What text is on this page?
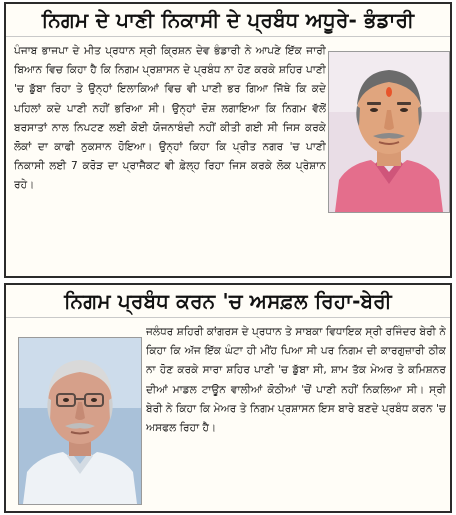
ਨਿਗਮ ਦੇ ਪਾਣੀ ਨਿਕਾਸੀ ਦੇ ਪ੍ਰਬੰਧ ਅਧੂਰੇ- ਭੰਡਾਰੀ
ਪੰਜਾਬ ਭਾਜਪਾ ਦੇ ਮੀਤ ਪ੍ਰਧਾਨ ਸ੍ਰੀ ਕ੍ਰਿਸ਼ਨ ਦੇਵ ਭੰਡਾਰੀ ਨੇ ਆਪਣੇ ਇੱਕ ਜਾਰੀ ਬਿਆਨ ਵਿਚ ਕਿਹਾ ਹੈ ਕਿ ਨਿਗਮ ਪ੍ਰਸ਼ਾਸਨ ਦੇ ਪ੍ਰਬੰਧ ਨਾ ਹੋਣ ਕਰਕੇ ਸ਼ਹਿਰ ਪਾਣੀ 'ਚ ਡੁੱਬਾ ਰਿਹਾ ਤੇ ਉਨ੍ਹਾਂ ਇਲਾਕਿਆਂ ਵਿਚ ਵੀ ਪਾਣੀ ਭਰ ਗਿਆ ਜਿੱਥੇ ਕਿ ਕਦੇ ਪਹਿਲਾਂ ਕਦੇ ਪਾਣੀ ਨਹੀਂ ਭਰਿਆ ਸੀ। ਉਨ੍ਹਾਂ ਦੋਸ਼ ਲਗਾਇਆ ਕਿ ਨਿਗਮ ਵੱਲੋਂ ਬਰਸਾਤਾਂ ਨਾਲ ਨਿਪਟਣ ਲਈ ਕੋਈ ਯੋਜਨਾਬੰਦੀ ਨਹੀਂ ਕੀਤੀ ਗਈ ਸੀ ਜਿਸ ਕਰਕੇ ਲੋਕਾਂ ਦਾ ਕਾਫੀ ਨੁਕਸਾਨ ਹੋਇਆ। ਉਨ੍ਹਾਂ ਕਿਹਾ ਕਿ ਪ੍ਰੀਤ ਨਗਰ 'ਚ ਪਾਣੀ ਨਿਕਾਸੀ ਲਈ 7 ਕਰੋੜ ਦਾ ਪ੍ਰਾਜੈਕਟ ਵੀ ਫ਼ੇਲ੍ਹ ਰਿਹਾ ਜਿਸ ਕਰਕੇ ਲੋਕ ਪ੍ਰੇਸ਼ਾਨ ਰਹੇ।
ਨਿਗਮ ਪ੍ਰਬੰਧ ਕਰਨ 'ਚ ਅਸਫ਼ਲ ਰਿਹਾ-ਬੇਰੀ
ਜਲੰਧਰ ਸ਼ਹਿਰੀ ਕਾਂਗਰਸ ਦੇ ਪ੍ਰਧਾਨ ਤੇ ਸਾਬਕਾ ਵਿਧਾਇਕ ਸ੍ਰੀ ਰਜਿੰਦਰ ਬੇਰੀ ਨੇ ਕਿਹਾ ਕਿ ਅੱਜ ਇੱਕ ਘੰਟਾ ਹੀ ਮੀਂਹ ਪਿਆ ਸੀ ਪਰ ਨਿਗਮ ਦੀ ਕਾਰਗੁਜ਼ਾਰੀ ਠੀਕ ਨਾ ਹੋਣ ਕਰਕੇ ਸਾਰਾ ਸ਼ਹਿਰ ਪਾਣੀ 'ਚ ਡੁੱਬਾ ਸੀ, ਸ਼ਾਮ ਤੱਕ ਮੇਅਰ ਤੇ ਕਮਿਸ਼ਨਰ ਦੀਆਂ ਮਾਡਲ ਟਾਊਨ ਵਾਲੀਆਂ ਕੋਠੀਆਂ 'ਚੋਂ ਪਾਣੀ ਨਹੀਂ ਨਿਕਲਿਆ ਸੀ। ਸ੍ਰੀ ਬੇਰੀ ਨੇ ਕਿਹਾ ਕਿ ਮੇਅਰ ਤੇ ਨਿਗਮ ਪ੍ਰਸ਼ਾਸਨ ਇਸ ਬਾਰੇ ਬਣਦੇ ਪ੍ਰਬੰਧ ਕਰਨ 'ਚ ਅਸਫਲ ਰਿਹਾ ਹੈ।
